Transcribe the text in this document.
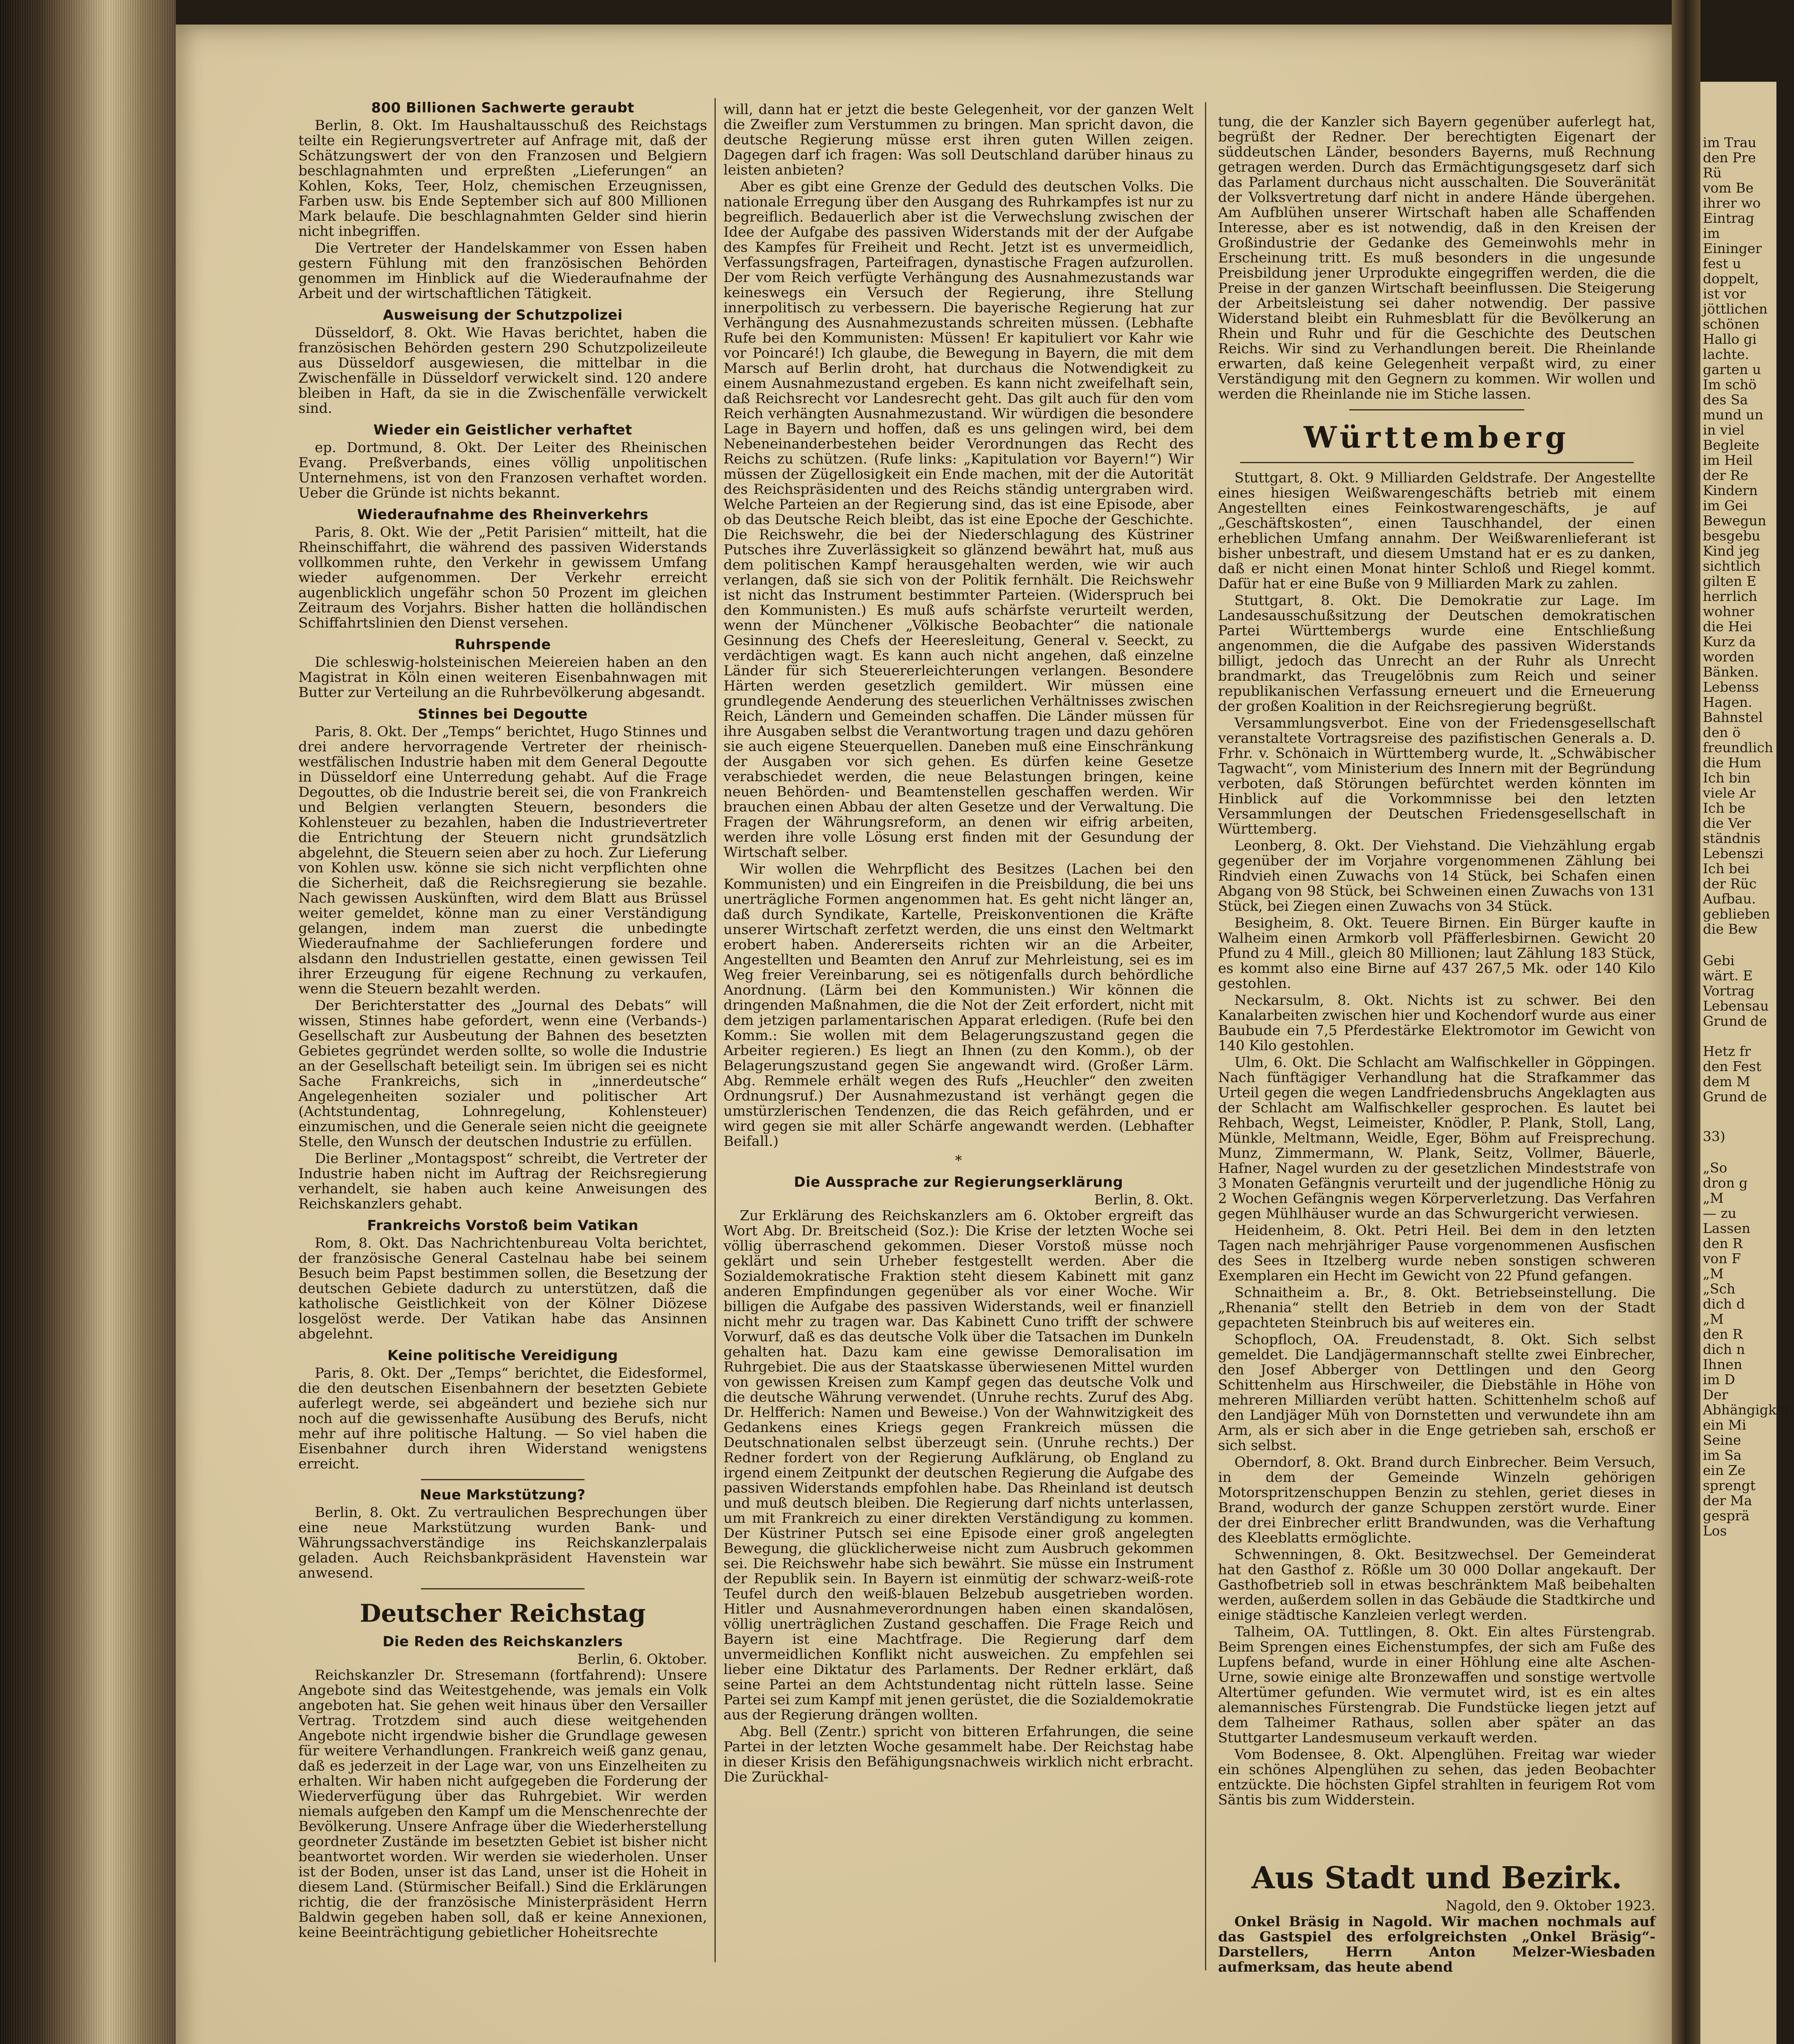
800 Billionen Sachwerte geraubt

Berlin, 8. Okt. Im Haushaltausschuß des Reichstags teilte ein Regierungsvertreter auf Anfrage mit, daß der Schätzungswert der von den Franzosen und Belgiern beschlagnahmten und erpreßten „Lieferungen“ an Kohlen, Koks, Teer, Holz, chemischen Erzeugnissen, Farben usw. bis Ende September sich auf 800 Millionen Mark belaufe. Die beschlagnahmten Gelder sind hierin nicht inbegriffen.

Die Vertreter der Handelskammer von Essen haben gestern Fühlung mit den französischen Behörden genommen im Hinblick auf die Wiederaufnahme der Arbeit und der wirtschaftlichen Tätigkeit.

Ausweisung der Schutzpolizei

Düsseldorf, 8. Okt. Wie Havas berichtet, haben die französischen Behörden gestern 290 Schutzpolizeileute aus Düsseldorf ausgewiesen, die mittelbar in die Zwischenfälle in Düsseldorf verwickelt sind. 120 andere bleiben in Haft, da sie in die Zwischenfälle verwickelt sind.

Wieder ein Geistlicher verhaftet

ep. Dortmund, 8. Okt. Der Leiter des Rheinischen Evang. Preßverbands, eines völlig unpolitischen Unternehmens, ist von den Franzosen verhaftet worden. Ueber die Gründe ist nichts bekannt.

Wiederaufnahme des Rheinverkehrs

Paris, 8. Okt. Wie der „Petit Parisien“ mitteilt, hat die Rheinschiffahrt, die während des passiven Widerstands vollkommen ruhte, den Verkehr in gewissem Umfang wieder aufgenommen. Der Verkehr erreicht augenblicklich ungefähr schon 50 Prozent im gleichen Zeitraum des Vorjahrs. Bisher hatten die holländischen Schiffahrtslinien den Dienst versehen.

Ruhrspende

Die schleswig-holsteinischen Meiereien haben an den Magistrat in Köln einen weiteren Eisenbahnwagen mit Butter zur Verteilung an die Ruhrbevölkerung abgesandt.

Stinnes bei Degoutte

Paris, 8. Okt. Der „Temps“ berichtet, Hugo Stinnes und drei andere hervorragende Vertreter der rheinisch-westfälischen Industrie haben mit dem General Degoutte in Düsseldorf eine Unterredung gehabt. Auf die Frage Degouttes, ob die Industrie bereit sei, die von Frankreich und Belgien verlangten Steuern, besonders die Kohlensteuer zu bezahlen, haben die Industrievertreter die Entrichtung der Steuern nicht grundsätzlich abgelehnt, die Steuern seien aber zu hoch. Zur Lieferung von Kohlen usw. könne sie sich nicht verpflichten ohne die Sicherheit, daß die Reichsregierung sie bezahle. Nach gewissen Auskünften, wird dem Blatt aus Brüssel weiter gemeldet, könne man zu einer Verständigung gelangen, indem man zuerst die unbedingte Wiederaufnahme der Sachlieferungen fordere und alsdann den Industriellen gestatte, einen gewissen Teil ihrer Erzeugung für eigene Rechnung zu verkaufen, wenn die Steuern bezahlt werden.

Der Berichterstatter des „Journal des Debats“ will wissen, Stinnes habe gefordert, wenn eine (Verbands-) Gesellschaft zur Ausbeutung der Bahnen des besetzten Gebietes gegründet werden sollte, so wolle die Industrie an der Gesellschaft beteiligt sein. Im übrigen sei es nicht Sache Frankreichs, sich in „innerdeutsche“ Angelegenheiten sozialer und politischer Art (Achtstundentag, Lohnregelung, Kohlensteuer) einzumischen, und die Generale seien nicht die geeignete Stelle, den Wunsch der deutschen Industrie zu erfüllen.

Die Berliner „Montagspost“ schreibt, die Vertreter der Industrie haben nicht im Auftrag der Reichsregierung verhandelt, sie haben auch keine Anweisungen des Reichskanzlers gehabt.

Frankreichs Vorstoß beim Vatikan

Rom, 8. Okt. Das Nachrichtenbureau Volta berichtet, der französische General Castelnau habe bei seinem Besuch beim Papst bestimmen sollen, die Besetzung der deutschen Gebiete dadurch zu unterstützen, daß die katholische Geistlichkeit von der Kölner Diözese losgelöst werde. Der Vatikan habe das Ansinnen abgelehnt.

Keine politische Vereidigung

Paris, 8. Okt. Der „Temps“ berichtet, die Eidesformel, die den deutschen Eisenbahnern der besetzten Gebiete auferlegt werde, sei abgeändert und beziehe sich nur noch auf die gewissenhafte Ausübung des Berufs, nicht mehr auf ihre politische Haltung. — So viel haben die Eisenbahner durch ihren Widerstand wenigstens erreicht.

Neue Markstützung?

Berlin, 8. Okt. Zu vertraulichen Besprechungen über eine neue Markstützung wurden Bank- und Währungssachverständige ins Reichskanzlerpalais geladen. Auch Reichsbankpräsident Havenstein war anwesend.

Deutscher Reichstag
Die Reden des Reichskanzlers
Berlin, 6. Oktober.

Reichskanzler Dr. Stresemann (fortfahrend): Unsere Angebote sind das Weitestgehende, was jemals ein Volk angeboten hat. Sie gehen weit hinaus über den Versailler Vertrag. Trotzdem sind auch diese weitgehenden Angebote nicht irgendwie bisher die Grundlage gewesen für weitere Verhandlungen. Frankreich weiß ganz genau, daß es jederzeit in der Lage war, von uns Einzelheiten zu erhalten. Wir haben nicht aufgegeben die Forderung der Wiederverfügung über das Ruhrgebiet. Wir werden niemals aufgeben den Kampf um die Menschenrechte der Bevölkerung. Unsere Anfrage über die Wiederherstellung geordneter Zustände im besetzten Gebiet ist bisher nicht beantwortet worden. Wir werden sie wiederholen. Unser ist der Boden, unser ist das Land, unser ist die Hoheit in diesem Land. (Stürmischer Beifall.) Sind die Erklärungen richtig, die der französische Ministerpräsident Herrn Baldwin gegeben haben soll, daß er keine Annexionen, keine Beeinträchtigung gebietlicher Hoheitsrechte

will, dann hat er jetzt die beste Gelegenheit, vor der ganzen Welt die Zweifler zum Verstummen zu bringen. Man spricht davon, die deutsche Regierung müsse erst ihren guten Willen zeigen. Dagegen darf ich fragen: Was soll Deutschland darüber hinaus zu leisten anbieten?

Aber es gibt eine Grenze der Geduld des deutschen Volks. Die nationale Erregung über den Ausgang des Ruhrkampfes ist nur zu begreiflich. Bedauerlich aber ist die Verwechslung zwischen der Idee der Aufgabe des passiven Widerstands mit der der Aufgabe des Kampfes für Freiheit und Recht. Jetzt ist es unvermeidlich, Verfassungsfragen, Parteifragen, dynastische Fragen aufzurollen. Der vom Reich verfügte Verhängung des Ausnahmezustands war keineswegs ein Versuch der Regierung, ihre Stellung innerpolitisch zu verbessern. Die bayerische Regierung hat zur Verhängung des Ausnahmezustands schreiten müssen. (Lebhafte Rufe bei den Kommunisten: Müssen! Er kapituliert vor Kahr wie vor Poincaré!) Ich glaube, die Bewegung in Bayern, die mit dem Marsch auf Berlin droht, hat durchaus die Notwendigkeit zu einem Ausnahmezustand ergeben. Es kann nicht zweifelhaft sein, daß Reichsrecht vor Landesrecht geht. Das gilt auch für den vom Reich verhängten Ausnahmezustand. Wir würdigen die besondere Lage in Bayern und hoffen, daß es uns gelingen wird, bei dem Nebeneinanderbestehen beider Verordnungen das Recht des Reichs zu schützen. (Rufe links: „Kapitulation vor Bayern!“) Wir müssen der Zügellosigkeit ein Ende machen, mit der die Autorität des Reichspräsidenten und des Reichs ständig untergraben wird. Welche Parteien an der Regierung sind, das ist eine Episode, aber ob das Deutsche Reich bleibt, das ist eine Epoche der Geschichte. Die Reichswehr, die bei der Niederschlagung des Küstriner Putsches ihre Zuverlässigkeit so glänzend bewährt hat, muß aus dem politischen Kampf herausgehalten werden, wie wir auch verlangen, daß sie sich von der Politik fernhält. Die Reichswehr ist nicht das Instrument bestimmter Parteien. (Widerspruch bei den Kommunisten.) Es muß aufs schärfste verurteilt werden, wenn der Münchener „Völkische Beobachter“ die nationale Gesinnung des Chefs der Heeresleitung, General v. Seeckt, zu verdächtigen wagt. Es kann auch nicht angehen, daß einzelne Länder für sich Steuererleichterungen verlangen. Besondere Härten werden gesetzlich gemildert. Wir müssen eine grundlegende Aenderung des steuerlichen Verhältnisses zwischen Reich, Ländern und Gemeinden schaffen. Die Länder müssen für ihre Ausgaben selbst die Verantwortung tragen und dazu gehören sie auch eigene Steuerquellen. Daneben muß eine Einschränkung der Ausgaben vor sich gehen. Es dürfen keine Gesetze verabschiedet werden, die neue Belastungen bringen, keine neuen Behörden- und Beamtenstellen geschaffen werden. Wir brauchen einen Abbau der alten Gesetze und der Verwaltung. Die Fragen der Währungsreform, an denen wir eifrig arbeiten, werden ihre volle Lösung erst finden mit der Gesundung der Wirtschaft selber.

Wir wollen die Wehrpflicht des Besitzes (Lachen bei den Kommunisten) und ein Eingreifen in die Preisbildung, die bei uns unerträgliche Formen angenommen hat. Es geht nicht länger an, daß durch Syndikate, Kartelle, Preiskonventionen die Kräfte unserer Wirtschaft zerfetzt werden, die uns einst den Weltmarkt erobert haben. Andererseits richten wir an die Arbeiter, Angestellten und Beamten den Anruf zur Mehrleistung, sei es im Weg freier Vereinbarung, sei es nötigenfalls durch behördliche Anordnung. (Lärm bei den Kommunisten.) Wir können die dringenden Maßnahmen, die die Not der Zeit erfordert, nicht mit dem jetzigen parlamentarischen Apparat erledigen. (Rufe bei den Komm.: Sie wollen mit dem Belagerungszustand gegen die Arbeiter regieren.) Es liegt an Ihnen (zu den Komm.), ob der Belagerungszustand gegen Sie angewandt wird. (Großer Lärm. Abg. Remmele erhält wegen des Rufs „Heuchler“ den zweiten Ordnungsruf.) Der Ausnahmezustand ist verhängt gegen die umstürzlerischen Tendenzen, die das Reich gefährden, und er wird gegen sie mit aller Schärfe angewandt werden. (Lebhafter Beifall.)

*
Die Aussprache zur Regierungserklärung
Berlin, 8. Okt.

Zur Erklärung des Reichskanzlers am 6. Oktober ergreift das Wort Abg. Dr. Breitscheid (Soz.): Die Krise der letzten Woche sei völlig überraschend gekommen. Dieser Vorstoß müsse noch geklärt und sein Urheber festgestellt werden. Aber die Sozialdemokratische Fraktion steht diesem Kabinett mit ganz anderen Empfindungen gegenüber als vor einer Woche. Wir billigen die Aufgabe des passiven Widerstands, weil er finanziell nicht mehr zu tragen war. Das Kabinett Cuno trifft der schwere Vorwurf, daß es das deutsche Volk über die Tatsachen im Dunkeln gehalten hat. Dazu kam eine gewisse Demoralisation im Ruhrgebiet. Die aus der Staatskasse überwiesenen Mittel wurden von gewissen Kreisen zum Kampf gegen das deutsche Volk und die deutsche Währung verwendet. (Unruhe rechts. Zuruf des Abg. Dr. Helfferich: Namen und Beweise.) Von der Wahnwitzigkeit des Gedankens eines Kriegs gegen Frankreich müssen die Deutschnationalen selbst überzeugt sein. (Unruhe rechts.) Der Redner fordert von der Regierung Aufklärung, ob England zu irgend einem Zeitpunkt der deutschen Regierung die Aufgabe des passiven Widerstands empfohlen habe. Das Rheinland ist deutsch und muß deutsch bleiben. Die Regierung darf nichts unterlassen, um mit Frankreich zu einer direkten Verständigung zu kommen. Der Küstriner Putsch sei eine Episode einer groß angelegten Bewegung, die glücklicherweise nicht zum Ausbruch gekommen sei. Die Reichswehr habe sich bewährt. Sie müsse ein Instrument der Republik sein. In Bayern ist einmütig der schwarz-weiß-rote Teufel durch den weiß-blauen Belzebub ausgetrieben worden. Hitler und Ausnahmeverordnungen haben einen skandalösen, völlig unerträglichen Zustand geschaffen. Die Frage Reich und Bayern ist eine Machtfrage. Die Regierung darf dem unvermeidlichen Konflikt nicht ausweichen. Zu empfehlen sei lieber eine Diktatur des Parlaments. Der Redner erklärt, daß seine Partei an dem Achtstundentag nicht rütteln lasse. Seine Partei sei zum Kampf mit jenen gerüstet, die die Sozialdemokratie aus der Regierung drängen wollten.

Abg. Bell (Zentr.) spricht von bitteren Erfahrungen, die seine Partei in der letzten Woche gesammelt habe. Der Reichstag habe in dieser Krisis den Befähigungsnachweis wirklich nicht erbracht. Die Zurückhal-

tung, die der Kanzler sich Bayern gegenüber auferlegt hat, begrüßt der Redner. Der berechtigten Eigenart der süddeutschen Länder, besonders Bayerns, muß Rechnung getragen werden. Durch das Ermächtigungsgesetz darf sich das Parlament durchaus nicht ausschalten. Die Souveränität der Volksvertretung darf nicht in andere Hände übergehen. Am Aufblühen unserer Wirtschaft haben alle Schaffenden Interesse, aber es ist notwendig, daß in den Kreisen der Großindustrie der Gedanke des Gemeinwohls mehr in Erscheinung tritt. Es muß besonders in die ungesunde Preisbildung jener Urprodukte eingegriffen werden, die die Preise in der ganzen Wirtschaft beeinflussen. Die Steigerung der Arbeitsleistung sei daher notwendig. Der passive Widerstand bleibt ein Ruhmesblatt für die Bevölkerung an Rhein und Ruhr und für die Geschichte des Deutschen Reichs. Wir sind zu Verhandlungen bereit. Die Rheinlande erwarten, daß keine Gelegenheit verpaßt wird, zu einer Verständigung mit den Gegnern zu kommen. Wir wollen und werden die Rheinlande nie im Stiche lassen.

Württemberg

Stuttgart, 8. Okt. 9 Milliarden Geldstrafe. Der Angestellte eines hiesigen Weißwarengeschäfts betrieb mit einem Angestellten eines Feinkostwarengeschäfts, je auf „Geschäftskosten“, einen Tauschhandel, der einen erheblichen Umfang annahm. Der Weißwarenlieferant ist bisher unbestraft, und diesem Umstand hat er es zu danken, daß er nicht einen Monat hinter Schloß und Riegel kommt. Dafür hat er eine Buße von 9 Milliarden Mark zu zahlen.

Stuttgart, 8. Okt. Die Demokratie zur Lage. Im Landesausschußsitzung der Deutschen demokratischen Partei Württembergs wurde eine Entschließung angenommen, die die Aufgabe des passiven Widerstands billigt, jedoch das Unrecht an der Ruhr als Unrecht brandmarkt, das Treugelöbnis zum Reich und seiner republikanischen Verfassung erneuert und die Erneuerung der großen Koalition in der Reichsregierung begrüßt.

Versammlungsverbot. Eine von der Friedensgesellschaft veranstaltete Vortragsreise des pazifistischen Generals a. D. Frhr. v. Schönaich in Württemberg wurde, lt. „Schwäbischer Tagwacht“, vom Ministerium des Innern mit der Begründung verboten, daß Störungen befürchtet werden könnten im Hinblick auf die Vorkommnisse bei den letzten Versammlungen der Deutschen Friedensgesellschaft in Württemberg.

Leonberg, 8. Okt. Der Viehstand. Die Viehzählung ergab gegenüber der im Vorjahre vorgenommenen Zählung bei Rindvieh einen Zuwachs von 14 Stück, bei Schafen einen Abgang von 98 Stück, bei Schweinen einen Zuwachs von 131 Stück, bei Ziegen einen Zuwachs von 34 Stück.

Besigheim, 8. Okt. Teuere Birnen. Ein Bürger kaufte in Walheim einen Armkorb voll Pfäfferlesbirnen. Gewicht 20 Pfund zu 4 Mill., gleich 80 Millionen; laut Zählung 183 Stück, es kommt also eine Birne auf 437 267,5 Mk. oder 140 Kilo gestohlen.

Neckarsulm, 8. Okt. Nichts ist zu schwer. Bei den Kanalarbeiten zwischen hier und Kochendorf wurde aus einer Baubude ein 7,5 Pferdestärke Elektromotor im Gewicht von 140 Kilo gestohlen.

Ulm, 6. Okt. Die Schlacht am Walfischkeller in Göppingen. Nach fünftägiger Verhandlung hat die Strafkammer das Urteil gegen die wegen Landfriedensbruchs Angeklagten aus der Schlacht am Walfischkeller gesprochen. Es lautet bei Rehbach, Wegst, Leimeister, Knödler, P. Plank, Stoll, Lang, Münkle, Meltmann, Weidle, Eger, Böhm auf Freisprechung. Munz, Zimmermann, W. Plank, Seitz, Vollmer, Bäuerle, Hafner, Nagel wurden zu der gesetzlichen Mindeststrafe von 3 Monaten Gefängnis verurteilt und der jugendliche Hönig zu 2 Wochen Gefängnis wegen Körperverletzung. Das Verfahren gegen Mühlhäuser wurde an das Schwurgericht verwiesen.

Heidenheim, 8. Okt. Petri Heil. Bei dem in den letzten Tagen nach mehrjähriger Pause vorgenommenen Ausfischen des Sees in Itzelberg wurde neben sonstigen schweren Exemplaren ein Hecht im Gewicht von 22 Pfund gefangen.

Schnaitheim a. Br., 8. Okt. Betriebseinstellung. Die „Rhenania“ stellt den Betrieb in dem von der Stadt gepachteten Steinbruch bis auf weiteres ein.

Schopfloch, OA. Freudenstadt, 8. Okt. Sich selbst gemeldet. Die Landjägermannschaft stellte zwei Einbrecher, den Josef Abberger von Dettlingen und den Georg Schittenhelm aus Hirschweiler, die Diebstähle in Höhe von mehreren Milliarden verübt hatten. Schittenhelm schoß auf den Landjäger Müh von Dornstetten und verwundete ihn am Arm, als er sich aber in die Enge getrieben sah, erschoß er sich selbst.

Oberndorf, 8. Okt. Brand durch Einbrecher. Beim Versuch, in dem der Gemeinde Winzeln gehörigen Motorspritzenschuppen Benzin zu stehlen, geriet dieses in Brand, wodurch der ganze Schuppen zerstört wurde. Einer der drei Einbrecher erlitt Brandwunden, was die Verhaftung des Kleeblatts ermöglichte.

Schwenningen, 8. Okt. Besitzwechsel. Der Gemeinderat hat den Gasthof z. Rößle um 30 000 Dollar angekauft. Der Gasthofbetrieb soll in etwas beschränktem Maß beibehalten werden, außerdem sollen in das Gebäude die Stadtkirche und einige städtische Kanzleien verlegt werden.

Talheim, OA. Tuttlingen, 8. Okt. Ein altes Fürstengrab. Beim Sprengen eines Eichenstumpfes, der sich am Fuße des Lupfens befand, wurde in einer Höhlung eine alte Aschen-Urne, sowie einige alte Bronzewaffen und sonstige wertvolle Altertümer gefunden. Wie vermutet wird, ist es ein altes alemannisches Fürstengrab. Die Fundstücke liegen jetzt auf dem Talheimer Rathaus, sollen aber später an das Stuttgarter Landesmuseum verkauft werden.

Vom Bodensee, 8. Okt. Alpenglühen. Freitag war wieder ein schönes Alpenglühen zu sehen, das jeden Beobachter entzückte. Die höchsten Gipfel strahlten in feurigem Rot vom Säntis bis zum Widderstein.

Aus Stadt und Bezirk.
Nagold, den 9. Oktober 1923.

Onkel Bräsig in Nagold. Wir machen nochmals auf das Gastspiel des erfolgreichsten „Onkel Bräsig“-Darstellers, Herrn Anton Melzer-Wiesbaden aufmerksam, das heute abend

im Trau
den Pre
Rü
vom Be
ihrer wo
Eintrag
im Eininger
fest u
doppelt,
ist vor
jöttlichen
schönen
Hallo gi
lachte.
garten u
Im schö
des Sa
mund un
in viel
Begleite
im Heil
der Re
Kindern
im Gei
Bewegun
besgebu
Kind jeg
sichtlich
gilten E
herrlich
wohner
die Hei
Kurz da
worden
Bänken.
Lebenss
Hagen.
Bahnstel
den ö
freundlich
die Hum
Ich bin
viele Ar
Ich be
die Ver
ständnis
Lebenszi
Ich bei
der Rüc
Aufbau.
geblieben
die Bew
Gebi
wärt. E
Vortrag
Lebensau
Grund de

Hetz fr
den Fest
dem M
Grund de
33)
„So
dron g
„M
— zu
Lassen
den R
von F
„M
„Sch
dich d
„M
den R
dich n
Ihnen
im D
Der
Abhängigkeit
ein Mi
Seine
im Sa
ein Ze
sprengt
der Ma
gesprä
Los
